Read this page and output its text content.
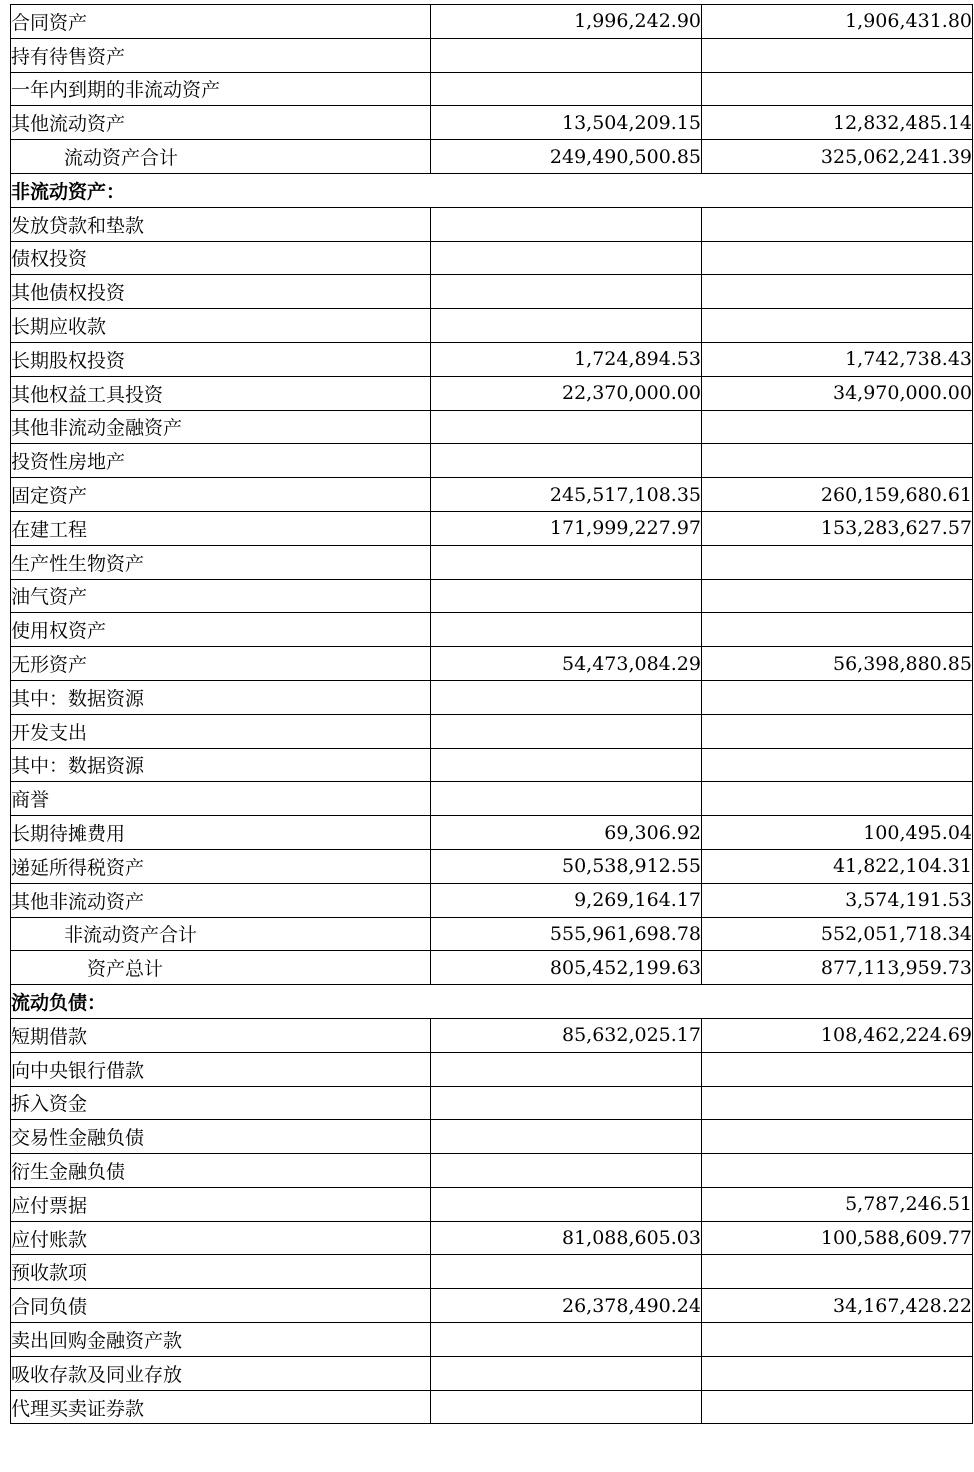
合同资产	1,996,242.90	1,906,431.80
持有待售资产		
一年内到期的非流动资产		
其他流动资产	13,504,209.15	12,832,485.14
流动资产合计	249,490,500.85	325,062,241.39
非流动资产：		
发放贷款和垫款		
债权投资		
其他债权投资		
长期应收款		
长期股权投资	1,724,894.53	1,742,738.43
其他权益工具投资	22,370,000.00	34,970,000.00
其他非流动金融资产		
投资性房地产		
固定资产	245,517,108.35	260,159,680.61
在建工程	171,999,227.97	153,283,627.57
生产性生物资产		
油气资产		
使用权资产		
无形资产	54,473,084.29	56,398,880.85
其中：数据资源		
开发支出		
其中：数据资源		
商誉		
长期待摊费用	69,306.92	100,495.04
递延所得税资产	50,538,912.55	41,822,104.31
其他非流动资产	9,269,164.17	3,574,191.53
非流动资产合计	555,961,698.78	552,051,718.34
资产总计	805,452,199.63	877,113,959.73
流动负债：		
短期借款	85,632,025.17	108,462,224.69
向中央银行借款		
拆入资金		
交易性金融负债		
衍生金融负债		
应付票据		5,787,246.51
应付账款	81,088,605.03	100,588,609.77
预收款项		
合同负债	26,378,490.24	34,167,428.22
卖出回购金融资产款		
吸收存款及同业存放		
代理买卖证券款		
